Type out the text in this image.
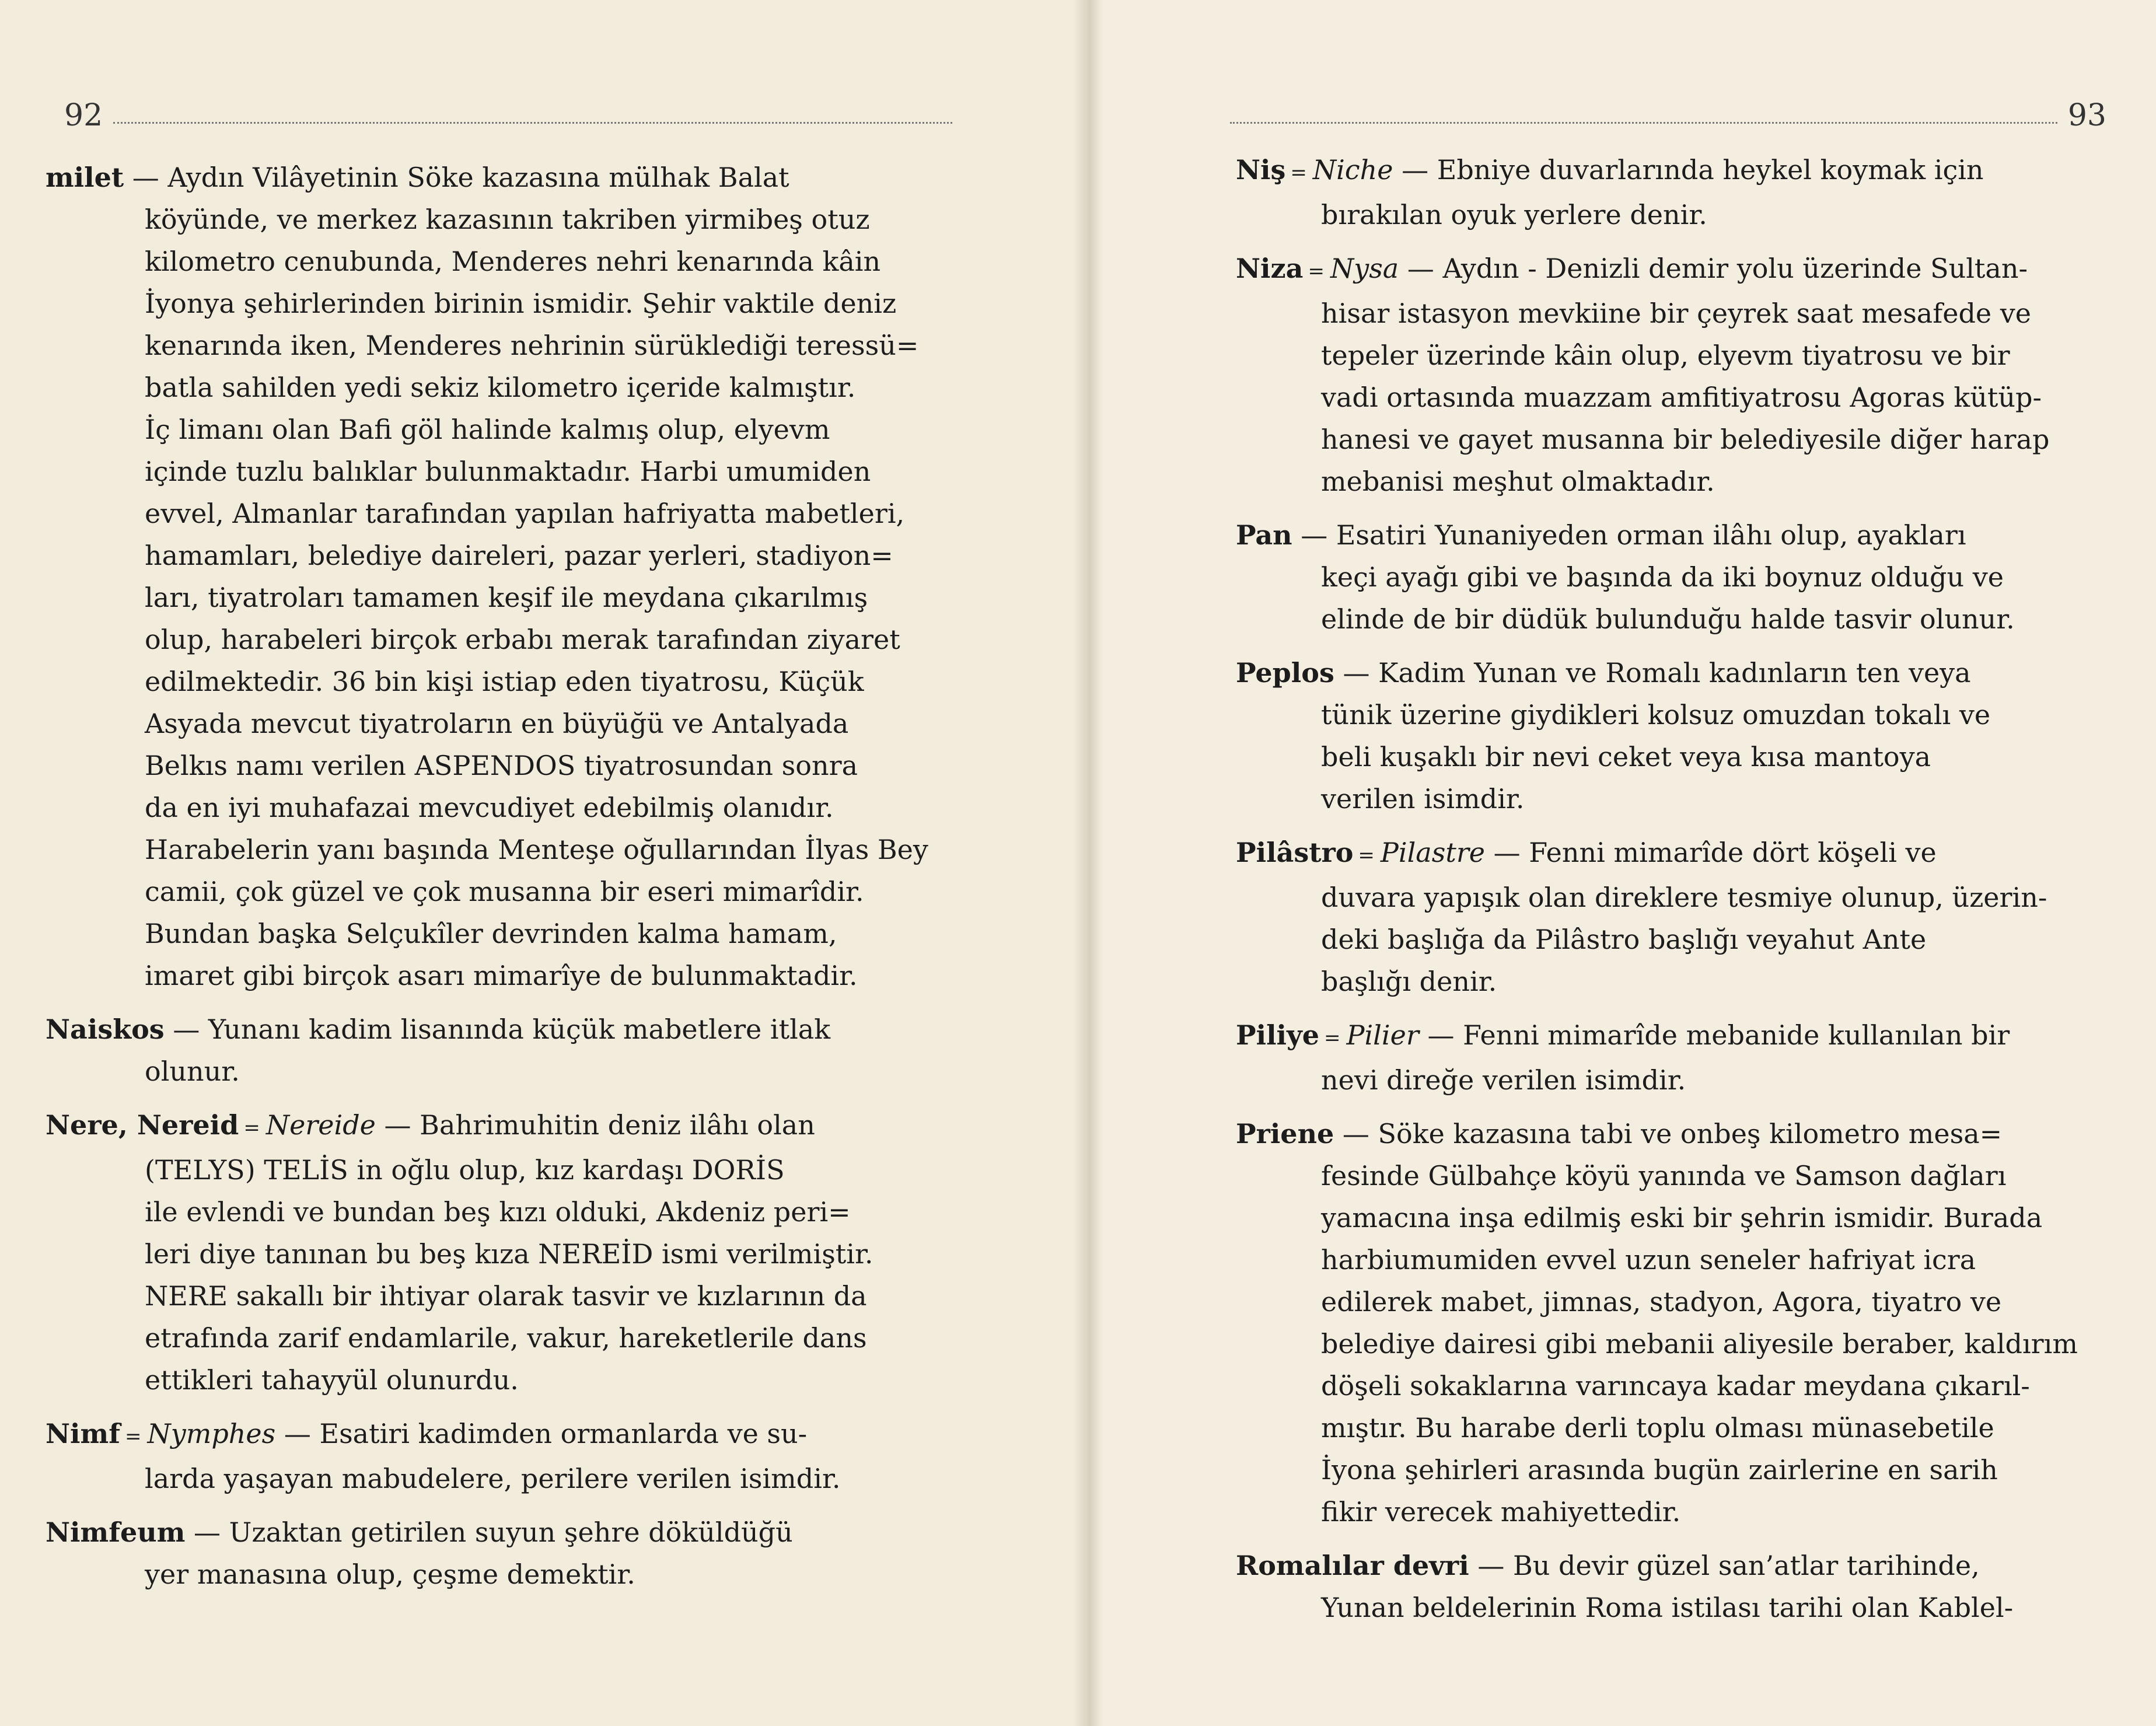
92
milet — Aydın Vilâyetinin Söke kazasına mülhak Balat
köyünde, ve merkez kazasının takriben yirmibeş otuz
kilometro cenubunda, Menderes nehri kenarında kâin
İyonya şehirlerinden birinin ismidir. Şehir vaktile deniz
kenarında iken, Menderes nehrinin sürüklediği teressü=
batla sahilden yedi sekiz kilometro içeride kalmıştır.
İç limanı olan Bafi göl halinde kalmış olup, elyevm
içinde tuzlu balıklar bulunmaktadır. Harbi umumiden
evvel, Almanlar tarafından yapılan hafriyatta mabetleri,
hamamları, belediye daireleri, pazar yerleri, stadiyon=
ları, tiyatroları tamamen keşif ile meydana çıkarılmış
olup, harabeleri birçok erbabı merak tarafından ziyaret
edilmektedir. 36 bin kişi istiap eden tiyatrosu, Küçük
Asyada mevcut tiyatroların en büyüğü ve Antalyada
Belkıs namı verilen ASPENDOS tiyatrosundan sonra
da en iyi muhafazai mevcudiyet edebilmiş olanıdır.
Harabelerin yanı başında Menteşe oğullarından İlyas Bey
camii, çok güzel ve çok musanna bir eseri mimarîdir.
Bundan başka Selçukîler devrinden kalma hamam,
imaret gibi birçok asarı mimarîye de bulunmaktadir.
Naiskos — Yunanı kadim lisanında küçük mabetlere itlak
olunur.
Nere, Nereid = Nereide — Bahrimuhitin deniz ilâhı olan
(TELYS) TELİS in oğlu olup, kız kardaşı DORİS
ile evlendi ve bundan beş kızı olduki, Akdeniz peri=
leri diye tanınan bu beş kıza NEREİD ismi verilmiştir.
NERE sakallı bir ihtiyar olarak tasvir ve kızlarının da
etrafında zarif endamlarile, vakur, hareketlerile dans
ettikleri tahayyül olunurdu.
Nimf = Nymphes — Esatiri kadimden ormanlarda ve su-
larda yaşayan mabudelere, perilere verilen isimdir.
Nimfeum — Uzaktan getirilen suyun şehre döküldüğü
yer manasına olup, çeşme demektir.
93
Niş = Niche — Ebniye duvarlarında heykel koymak için
bırakılan oyuk yerlere denir.
Niza = Nysa — Aydın - Denizli demir yolu üzerinde Sultan-
hisar istasyon mevkiine bir çeyrek saat mesafede ve
tepeler üzerinde kâin olup, elyevm tiyatrosu ve bir
vadi ortasında muazzam amfitiyatrosu Agoras kütüp-
hanesi ve gayet musanna bir belediyesile diğer harap
mebanisi meşhut olmaktadır.
Pan — Esatiri Yunaniyeden orman ilâhı olup, ayakları
keçi ayağı gibi ve başında da iki boynuz olduğu ve
elinde de bir düdük bulunduğu halde tasvir olunur.
Peplos — Kadim Yunan ve Romalı kadınların ten veya
tünik üzerine giydikleri kolsuz omuzdan tokalı ve
beli kuşaklı bir nevi ceket veya kısa mantoya
verilen isimdir.
Pilâstro = Pilastre — Fenni mimarîde dört köşeli ve
duvara yapışık olan direklere tesmiye olunup, üzerin-
deki başlığa da Pilâstro başlığı veyahut Ante
başlığı denir.
Piliye = Pilier — Fenni mimarîde mebanide kullanılan bir
nevi direğe verilen isimdir.
Priene — Söke kazasına tabi ve onbeş kilometro mesa=
fesinde Gülbahçe köyü yanında ve Samson dağları
yamacına inşa edilmiş eski bir şehrin ismidir. Burada
harbiumumiden evvel uzun seneler hafriyat icra
edilerek mabet, jimnas, stadyon, Agora, tiyatro ve
belediye dairesi gibi mebanii aliyesile beraber, kaldırım
döşeli sokaklarına varıncaya kadar meydana çıkarıl-
mıştır. Bu harabe derli toplu olması münasebetile
İyona şehirleri arasında bugün zairlerine en sarih
fikir verecek mahiyettedir.
Romalılar devri — Bu devir güzel san’atlar tarihinde,
Yunan beldelerinin Roma istilası tarihi olan Kablel-
